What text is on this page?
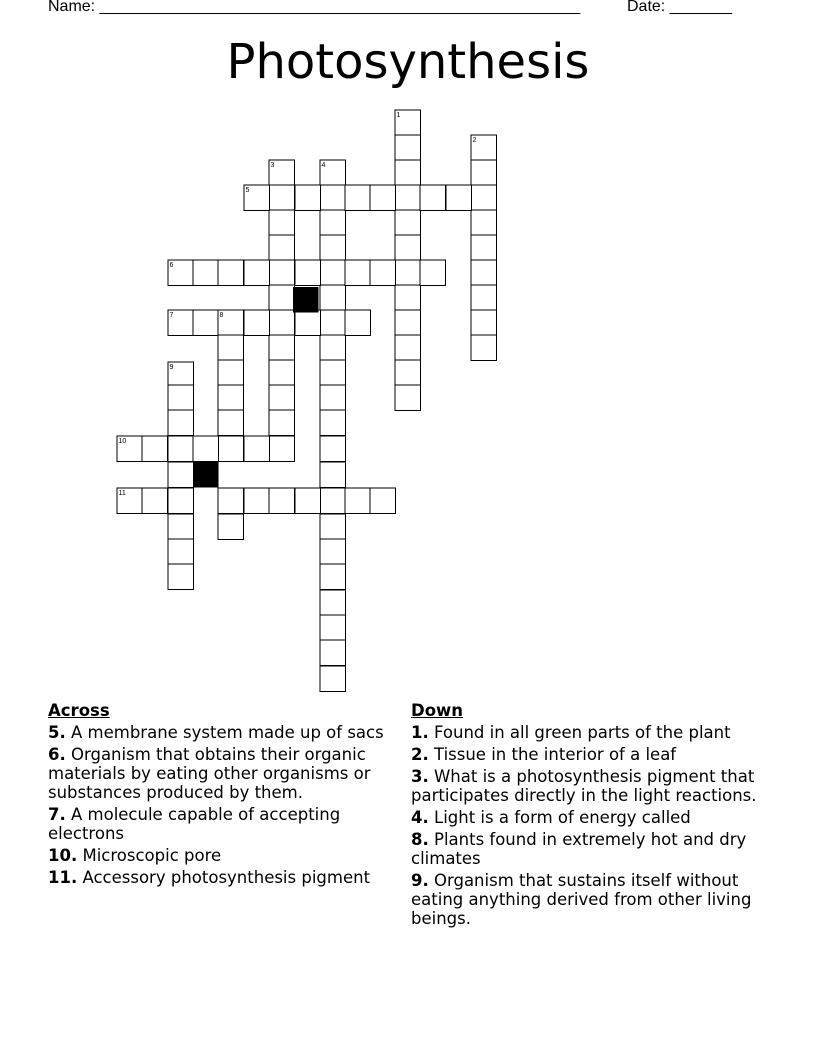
Name: ______________________________________________________	Date: _______
Photosynthesis
1
2
3	4
5
6
7	8
9
10
11
Across
5. A membrane system made up of sacs
6. Organism that obtains their organic materials by eating other organisms or substances produced by them.
7. A molecule capable of accepting electrons
10. Microscopic pore
11. Accessory photosynthesis pigment
Down
1. Found in all green parts of the plant
2. Tissue in the interior of a leaf
3. What is a photosynthesis pigment that participates directly in the light reactions.
4. Light is a form of energy called
8. Plants found in extremely hot and dry climates
9. Organism that sustains itself without eating anything derived from other living beings.
